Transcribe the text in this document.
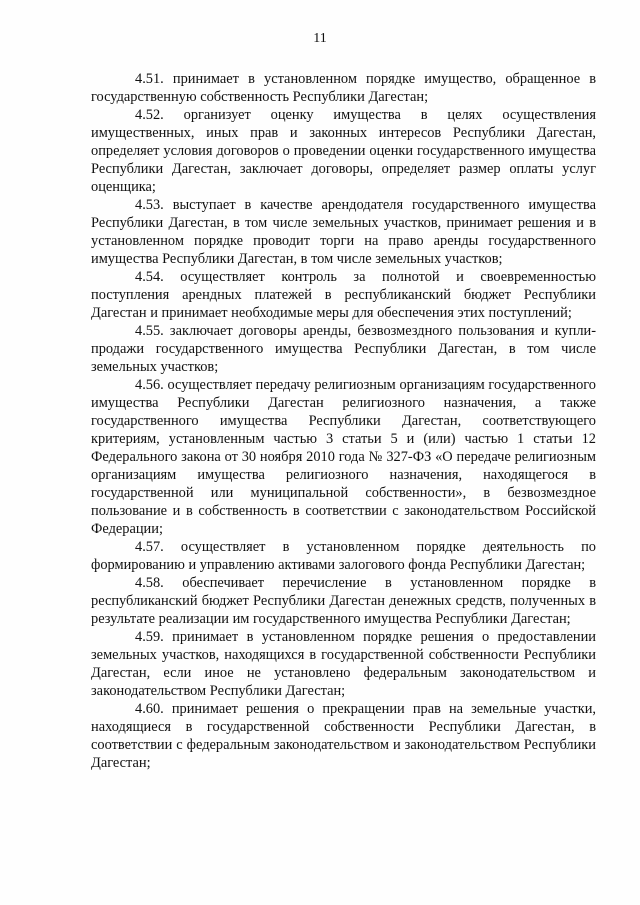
11

4.51. принимает в установленном порядке имущество, обращенное в государственную собственность Республики Дагестан;

4.52. организует оценку имущества в целях осуществления имущественных, иных прав и законных интересов Республики Дагестан, определяет условия договоров о проведении оценки государственного имущества Республики Дагестан, заключает договоры, определяет размер оплаты услуг оценщика;

4.53. выступает в качестве арендодателя государственного имущества Республики Дагестан, в том числе земельных участков, принимает решения и в установленном порядке проводит торги на право аренды государственного имущества Республики Дагестан, в том числе земельных участков;

4.54. осуществляет контроль за полнотой и своевременностью поступления арендных платежей в республиканский бюджет Республики Дагестан и принимает необходимые меры для обеспечения этих поступлений;

4.55. заключает договоры аренды, безвозмездного пользования и купли-продажи государственного имущества Республики Дагестан, в том числе земельных участков;

4.56. осуществляет передачу религиозным организациям государственного имущества Республики Дагестан религиозного назначения, а также государственного имущества Республики Дагестан, соответствующего критериям, установленным частью 3 статьи 5 и (или) частью 1 статьи 12 Федерального закона от 30 ноября 2010 года № 327-ФЗ «О передаче религиозным организациям имущества религиозного назначения, находящегося в государственной или муниципальной собственности», в безвозмездное пользование и в собственность в соответствии с законодательством Российской Федерации;

4.57. осуществляет в установленном порядке деятельность по формированию и управлению активами залогового фонда Республики Дагестан;

4.58. обеспечивает перечисление в установленном порядке в республиканский бюджет Республики Дагестан денежных средств, полученных в результате реализации им государственного имущества Республики Дагестан;

4.59. принимает в установленном порядке решения о предоставлении земельных участков, находящихся в государственной собственности Республики Дагестан, если иное не установлено федеральным законодательством и законодательством Республики Дагестан;

4.60. принимает решения о прекращении прав на земельные участки, находящиеся в государственной собственности Республики Дагестан, в соответствии с федеральным законодательством и законодательством Республики Дагестан;
